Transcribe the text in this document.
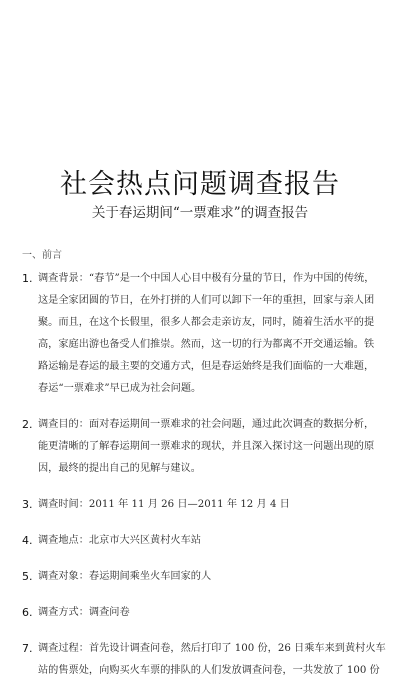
社会热点问题调查报告
关于春运期间“一票难求”的调查报告
一、前言
1. 调查背景：“春节”是一个中国人心目中极有分量的节日，作为中国的传统，
这是全家团圆的节日，在外打拼的人们可以卸下一年的重担，回家与亲人团
聚。而且，在这个长假里，很多人都会走亲访友，同时，随着生活水平的提
高，家庭出游也备受人们推崇。然而，这一切的行为都离不开交通运输。铁
路运输是春运的最主要的交通方式，但是春运始终是我们面临的一大难题，
春运“一票难求”早已成为社会问题。
2. 调查目的：面对春运期间一票难求的社会问题，通过此次调查的数据分析，
能更清晰的了解春运期间一票难求的现状，并且深入探讨这一问题出现的原
因，最终的提出自己的见解与建议。
3. 调查时间：2011 年 11 月 26 日—2011 年 12 月 4 日
4. 调查地点：北京市大兴区黄村火车站
5. 调查对象：春运期间乘坐火车回家的人
6. 调查方式：调查问卷
7. 调查过程：首先设计调查问卷，然后打印了 100 份，26 日乘车来到黄村火车
站的售票处，向购买火车票的排队的人们发放调查问卷，一共发放了 100 份
